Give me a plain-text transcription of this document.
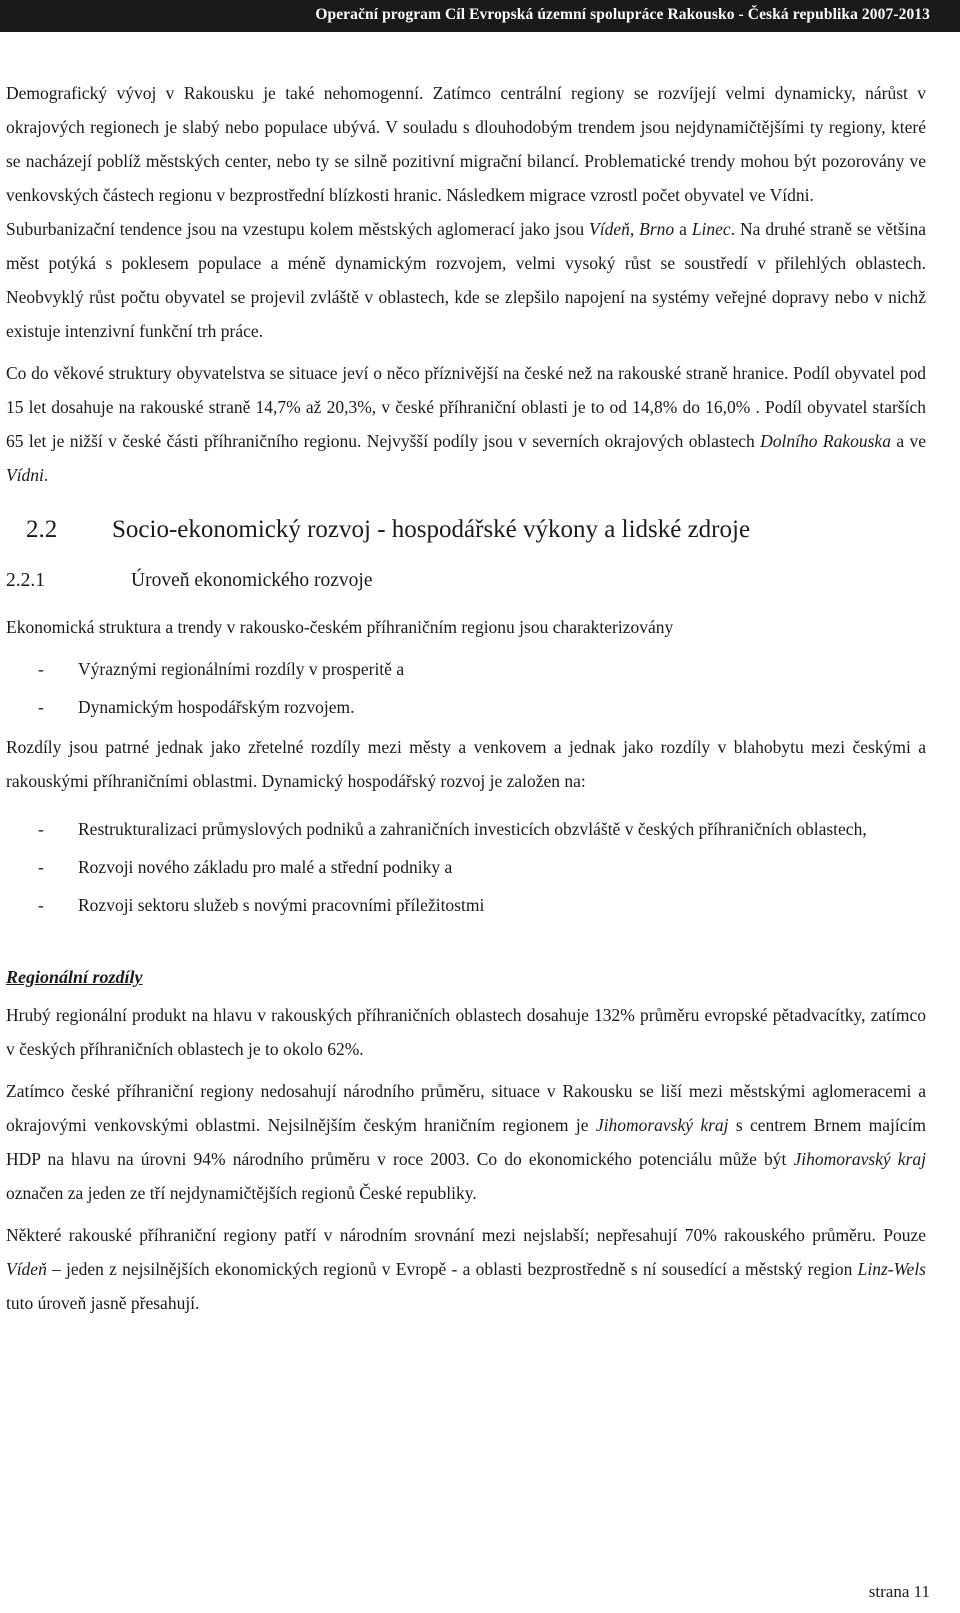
Operační program Cíl Evropská územní spolupráce Rakousko - Česká republika 2007-2013

Demografický vývoj v Rakousku je také nehomogenní. Zatímco centrální regiony se rozvíjejí velmi dynamicky, nárůst v okrajových regionech je slabý nebo populace ubývá. V souladu s dlouhodobým trendem jsou nejdynamičtějšími ty regiony, které se nacházejí poblíž městských center, nebo ty se silně pozitivní migrační bilancí. Problematické trendy mohou být pozorovány ve venkovských částech regionu v bezprostřední blízkosti hranic. Následkem migrace vzrostl počet obyvatel ve Vídni.

Suburbanizační tendence jsou na vzestupu kolem městských aglomerací jako jsou Vídeň, Brno a Linec. Na druhé straně se většina měst potýká s poklesem populace a méně dynamickým rozvojem, velmi vysoký růst se soustředí v přilehlých oblastech. Neobvyklý růst počtu obyvatel se projevil zvláště v oblastech, kde se zlepšilo napojení na systémy veřejné dopravy nebo v nichž existuje intenzivní funkční trh práce.

Co do věkové struktury obyvatelstva se situace jeví o něco příznivější na české než na rakouské straně hranice. Podíl obyvatel pod 15 let dosahuje na rakouské straně 14,7% až 20,3%, v české příhraniční oblasti je to od 14,8% do 16,0% . Podíl obyvatel starších 65 let je nižší v české části příhraničního regionu. Nejvyšší podíly jsou v severních okrajových oblastech Dolního Rakouska a ve Vídni.

2.2 Socio-ekonomický rozvoj - hospodářské výkony a lidské zdroje
2.2.1	Úroveň ekonomického rozvoje

Ekonomická struktura a trendy v rakousko-českém příhraničním regionu jsou charakterizovány

- Výraznými regionálními rozdíly v prosperitě a
- Dynamickým hospodářským rozvojem.

Rozdíly jsou patrné jednak jako zřetelné rozdíly mezi městy a venkovem a jednak jako rozdíly v blahobytu mezi českými a rakouskými příhraničními oblastmi. Dynamický hospodářský rozvoj je založen na:

- Restrukturalizaci průmyslových podniků a zahraničních investicích obzvláště v českých příhraničních oblastech,
- Rozvoji nového základu pro malé a střední podniky a
- Rozvoji sektoru služeb s novými pracovními příležitostmi
Regionální rozdíly

Hrubý regionální produkt na hlavu v rakouských příhraničních oblastech dosahuje 132% průměru evropské pětadvacítky, zatímco v českých příhraničních oblastech je to okolo 62%.

Zatímco české příhraniční regiony nedosahují národního průměru, situace v Rakousku se liší mezi městskými aglomeracemi a okrajovými venkovskými oblastmi. Nejsilnějším českým hraničním regionem je Jihomoravský kraj s centrem Brnem majícím HDP na hlavu na úrovni 94% národního průměru v roce 2003. Co do ekonomického potenciálu může být Jihomoravský kraj označen za jeden ze tří nejdynamičtějších regionů České republiky.

Některé rakouské příhraniční regiony patří v národním srovnání mezi nejslabší; nepřesahují 70% rakouského průměru. Pouze Vídeň – jeden z nejsilnějších ekonomických regionů v Evropě - a oblasti bezprostředně s ní sousedící a městský region Linz-Wels tuto úroveň jasně přesahují.

strana 11
